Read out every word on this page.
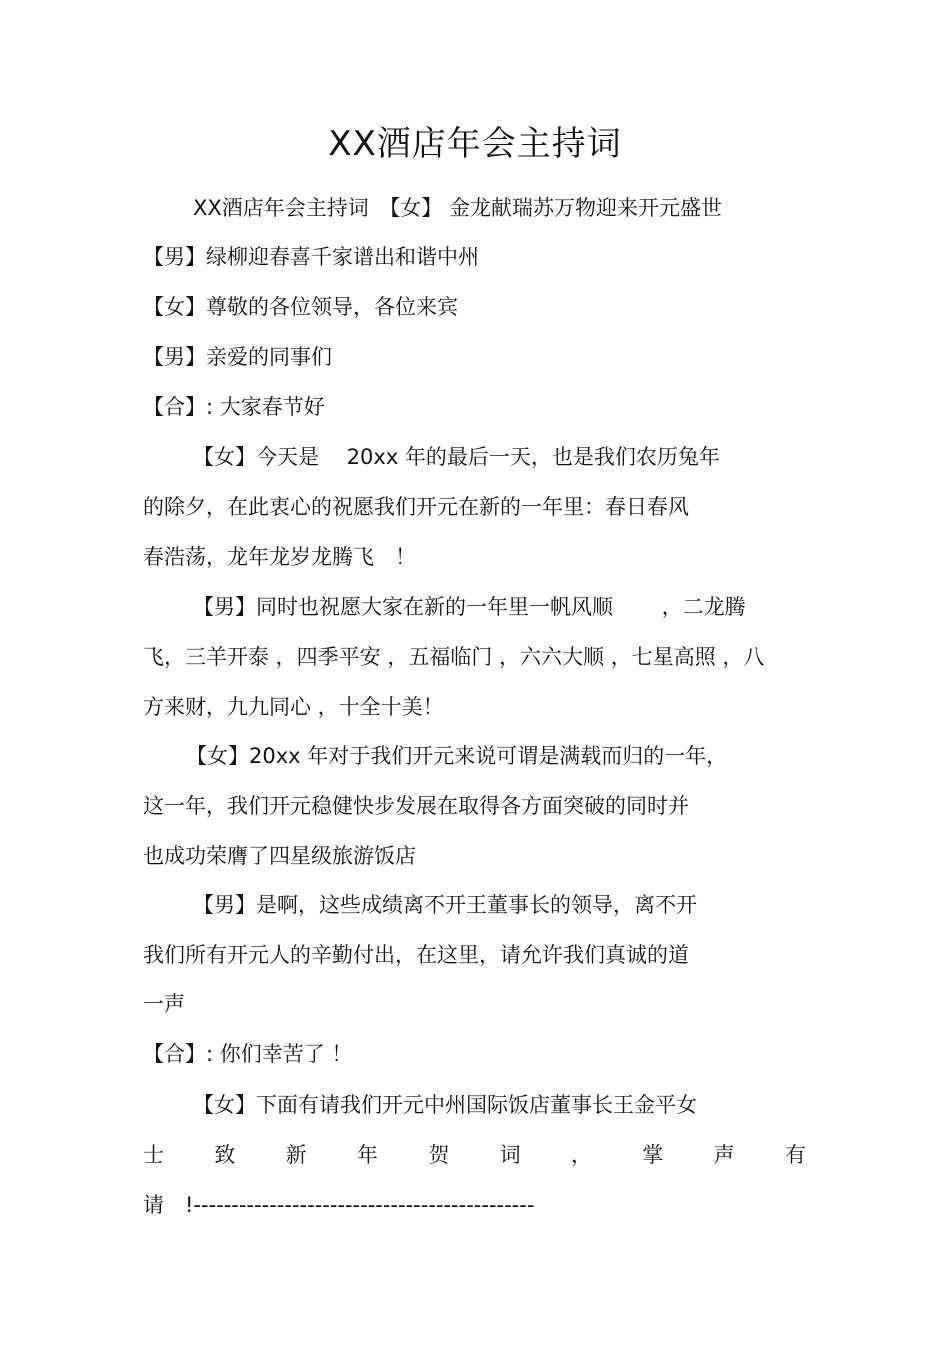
XX酒店年会主持词
XX酒店年会主持词　【女】 金龙献瑞苏万物迎来开元盛世
【男】绿柳迎春喜千家谱出和谐中州
【女】尊敬的各位领导，各位来宾
【男】亲爱的同事们
【合】: 大家春节好
【女】今天是　 20xx 年的最后一天，也是我们农历兔年
的除夕，在此衷心的祝愿我们开元在新的一年里：春日春风
春浩荡，龙年龙岁龙腾飞　！
【男】同时也祝愿大家在新的一年里一帆风顺　　 ，二龙腾
飞，三羊开泰 ，四季平安 ，五福临门 ，六六大顺 ，七星高照 ，八
方来财，九九同心 ，十全十美！
【女】20xx 年对于我们开元来说可谓是满载而归的一年，
这一年，我们开元稳健快步发展在取得各方面突破的同时并
也成功荣膺了四星级旅游饭店
【男】是啊，这些成绩离不开王董事长的领导，离不开
我们所有开元人的辛勤付出，在这里，请允许我们真诚的道
一声
【合】: 你们幸苦了 ！
【女】下面有请我们开元中州国际饭店董事长王金平女
士 致 新 年 贺 词 ， 掌 声 有
请　!---------------------------------------------
